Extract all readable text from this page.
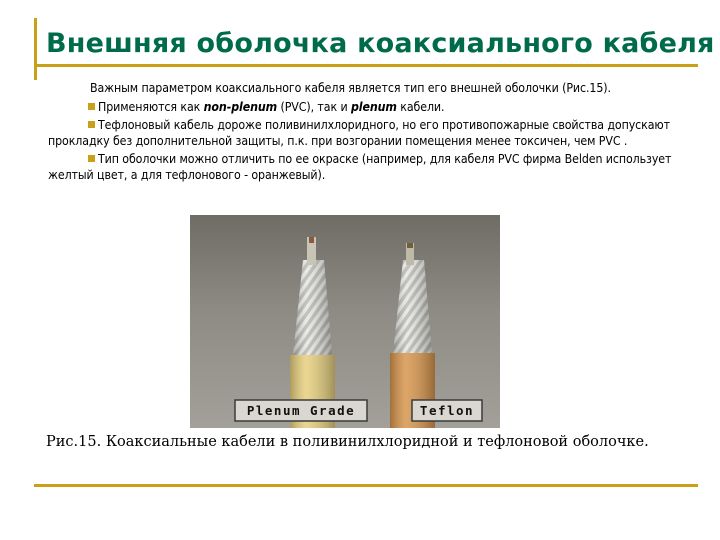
Внешняя оболочка коаксиального кабеля

Важным параметром коаксиального кабеля является тип его внешней оболочки (Рис.15).

Применяются как non-plenum (PVC), так и plenum кабели.

Тефлоновый кабель дороже поливинилхлоридного, но его противопожарные свойства допускают прокладку без дополнительной защиты, п.к. при возгорании помещения менее токсичен, чем PVC .

Тип оболочки можно отличить по ее окраске (например, для кабеля PVC фирма Belden использует желтый цвет, а для тефлонового - оранжевый).

Plenum Grade	Teflon

Рис.15. Коаксиальные кабели в поливинилхлоридной и тефлоновой оболочке.
